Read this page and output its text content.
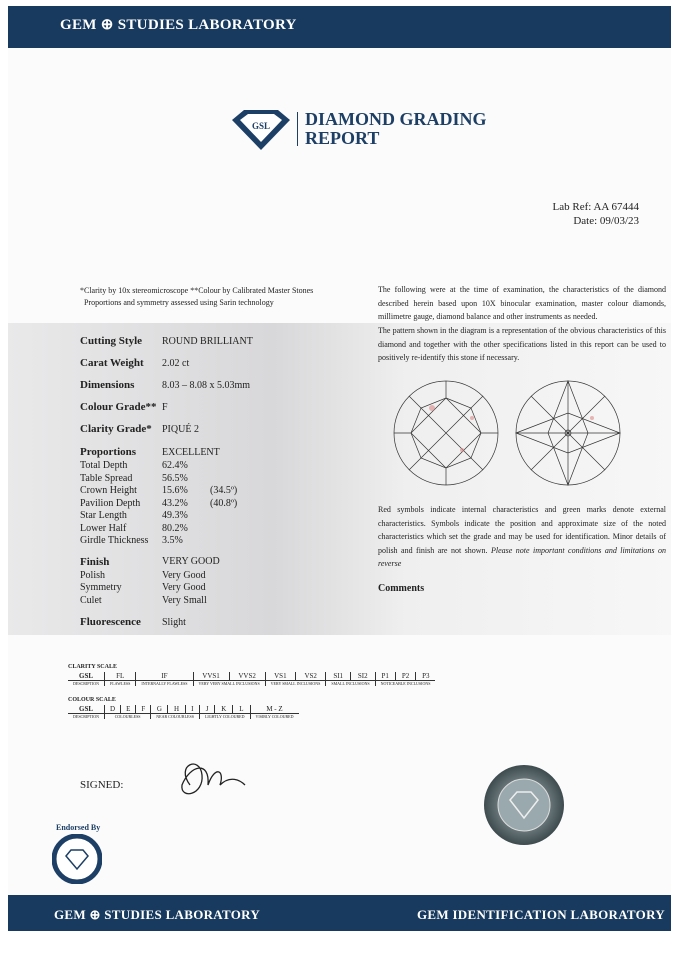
GEM ⊕ STUDIES LABORATORY
GSL DIAMOND GRADING
REPORT
Lab Ref: AA 67444
Date: 09/03/23
*Clarity by 10x stereomicroscope **Colour by Calibrated Master Stones
Proportions and symmetry assessed using Sarin technology
Cutting Style	ROUND BRILLIANT
Carat Weight	2.02 ct
Dimensions	8.03 – 8.08 x 5.03mm
Colour Grade** F
Clarity Grade*	PIQUÉ 2
Proportions	EXCELLENT
Total Depth	62.4%
Table Spread	56.5%
Crown Height	15.6%	(34.5º)
Pavilion Depth	43.2%	(40.8º)
Star Length	49.3%
Lower Half	80.2%
Girdle Thickness	3.5%
Finish	VERY GOOD
Polish	Very Good
Symmetry	Very Good
Culet	Very Small
Fluorescence	Slight
The following were at the time of examination, the characteristics of the diamond described herein based upon 10X binocular examination, master colour diamonds, millimetre gauge, diamond balance and other instruments as needed.
The pattern shown in the diagram is a representation of the obvious characteristics of this diamond and together with the other specifications listed in this report can be used to positively re-identify this stone if necessary.
Red symbols indicate internal characteristics and green marks denote external characteristics. Symbols indicate the position and approximate size of the noted characteristics which set the grade and may be used for identification. Minor details of polish and finish are not shown. Please note important conditions and limitations on reverse
Comments
CLARITY SCALE
GSL	FL	IF	VVS1	VVS2	VS1	VS2	SI1	SI2	P1	P2	P3
DESCRIPTION	FLAWLESS	INTERNALLY FLAWLESS	VERY VERY SMALL INCLUSIONS		VERY SMALL INCLUSIONS		SMALL INCLUSIONS		NOTICEABLE INCLUSIONS		
COLOUR SCALE
GSL	D	E	F	G	H	I	J	K	L	M - Z
DESCRIPTION	COLOURLESS			NEAR COLOURLESS			LIGHTLY COLOURED			VISIBLY COLOURED
SIGNED:
Endorsed By
GEM ⊕ STUDIES LABORATORY	GEM IDENTIFICATION LABORATORY
